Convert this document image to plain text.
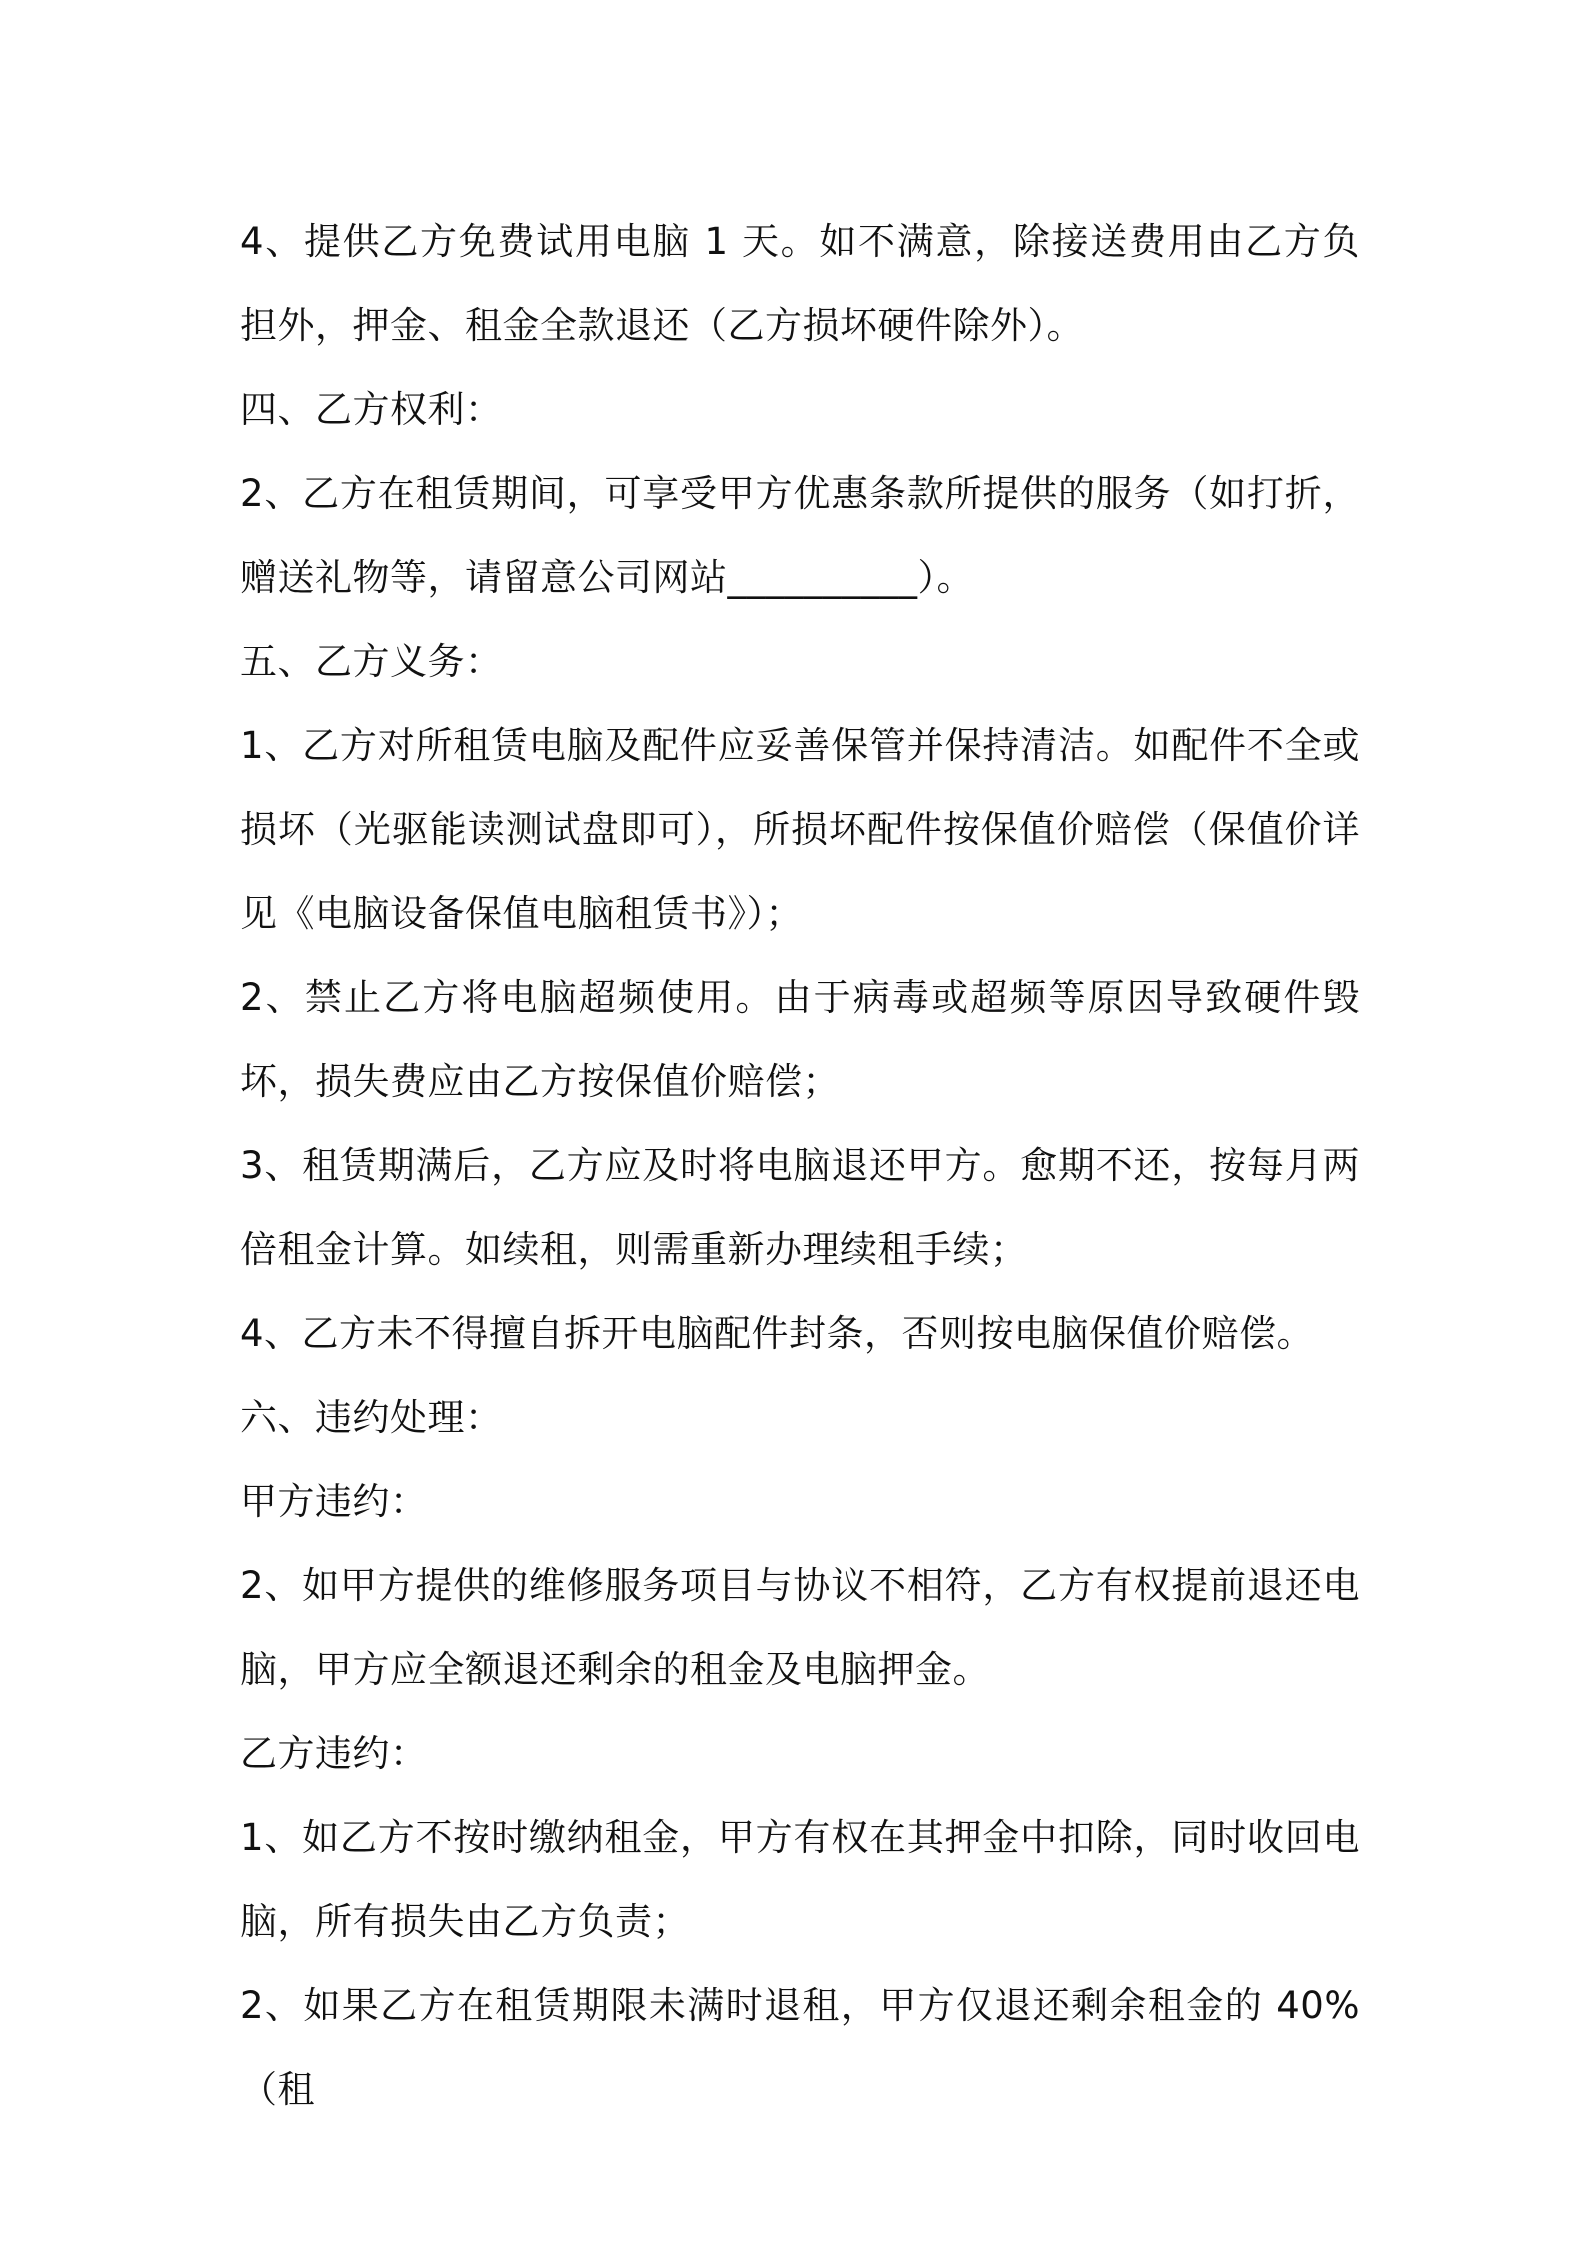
4、提供乙方免费试用电脑 1 天。如不满意，除接送费用由乙方负担外，押金、租金全款退还（乙方损坏硬件除外）。

四、乙方权利：

2、乙方在租赁期间，可享受甲方优惠条款所提供的服务（如打折，赠送礼物等，请留意公司网站__________）。

五、乙方义务：

1、乙方对所租赁电脑及配件应妥善保管并保持清洁。如配件不全或损坏（光驱能读测试盘即可），所损坏配件按保值价赔偿（保值价详见《电脑设备保值电脑租赁书》）；

2、禁止乙方将电脑超频使用。由于病毒或超频等原因导致硬件毁坏，损失费应由乙方按保值价赔偿；

3、租赁期满后，乙方应及时将电脑退还甲方。愈期不还，按每月两倍租金计算。如续租，则需重新办理续租手续；

4、乙方未不得擅自拆开电脑配件封条，否则按电脑保值价赔偿。

六、违约处理：

甲方违约：

2、如甲方提供的维修服务项目与协议不相符，乙方有权提前退还电脑，甲方应全额退还剩余的租金及电脑押金。

乙方违约：

1、如乙方不按时缴纳租金，甲方有权在其押金中扣除，同时收回电脑，所有损失由乙方负责；

2、如果乙方在租赁期限未满时退租，甲方仅退还剩余租金的 40%（租
